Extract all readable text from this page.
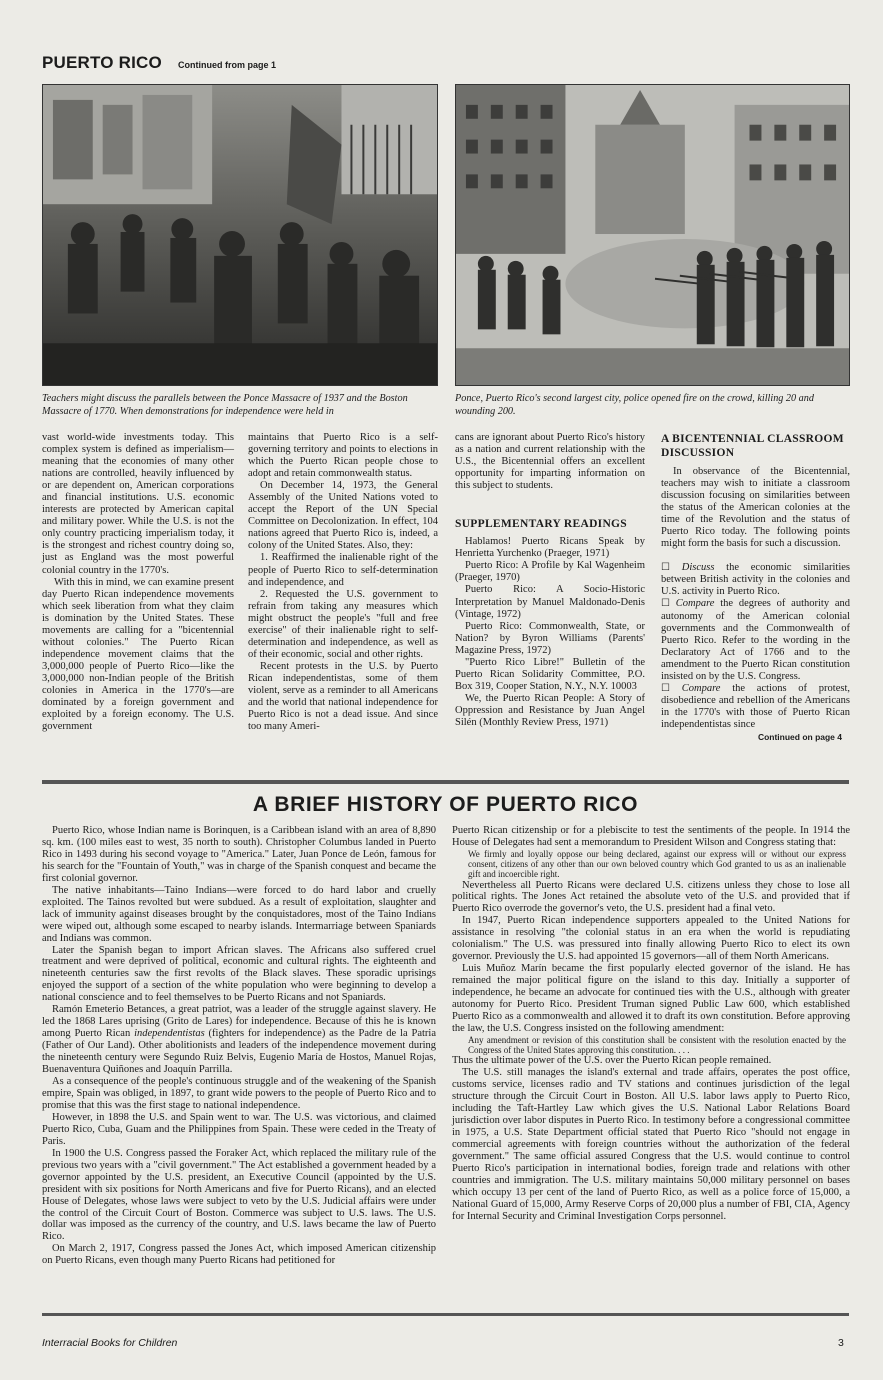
PUERTO RICO Continued from page 1
Teachers might discuss the parallels between the Ponce Massacre of 1937 and the Boston Massacre of 1770. When demonstrations for independence were held in
Ponce, Puerto Rico's second largest city, police opened fire on the crowd, killing 20 and wounding 200.

vast world-wide investments today. This complex system is defined as imperialism—meaning that the economies of many other nations are controlled, heavily influenced by or are dependent on, American corporations and financial institutions. U.S. economic interests are protected by American capital and military power. While the U.S. is not the only country practicing imperialism today, it is the strongest and richest country doing so, just as England was the most powerful colonial country in the 1770's.

With this in mind, we can examine present day Puerto Rican independence movements which seek liberation from what they claim is domination by the United States. These movements are calling for a "bicentennial without colonies." The Puerto Rican independence movement claims that the 3,000,000 people of Puerto Rico—like the 3,000,000 non-Indian people of the British colonies in America in the 1770's—are dominated by a foreign government and exploited by a foreign economy. The U.S. government

maintains that Puerto Rico is a self-governing territory and points to elections in which the Puerto Rican people chose to adopt and retain commonwealth status.

On December 14, 1973, the General Assembly of the United Nations voted to accept the Report of the UN Special Committee on Decolonization. In effect, 104 nations agreed that Puerto Rico is, indeed, a colony of the United States. Also, they:

1. Reaffirmed the inalienable right of the people of Puerto Rico to self-determination and independence, and

2. Requested the U.S. government to refrain from taking any measures which might obstruct the people's "full and free exercise" of their inalienable right to self-determination and independence, as well as of their economic, social and other rights.

Recent protests in the U.S. by Puerto Rican independentistas, some of them violent, serve as a reminder to all Americans and the world that national independence for Puerto Rico is not a dead issue. And since too many Ameri-

cans are ignorant about Puerto Rico's history as a nation and current relationship with the U.S., the Bicentennial offers an excellent opportunity for imparting information on this subject to students.

SUPPLEMENTARY READINGS

Hablamos! Puerto Ricans Speak by Henrietta Yurchenko (Praeger, 1971)

Puerto Rico: A Profile by Kal Wagenheim (Praeger, 1970)

Puerto Rico: A Socio-Historic Interpretation by Manuel Maldonado-Denis (Vintage, 1972)

Puerto Rico: Commonwealth, State, or Nation? by Byron Williams (Parents' Magazine Press, 1972)

"Puerto Rico Libre!" Bulletin of the Puerto Rican Solidarity Committee, P.O. Box 319, Cooper Station, N.Y., N.Y. 10003

We, the Puerto Rican People: A Story of Oppression and Resistance by Juan Angel Silén (Monthly Review Press, 1971)

A BICENTENNIAL CLASSROOM DISCUSSION

In observance of the Bicentennial, teachers may wish to initiate a classroom discussion focusing on similarities between the status of the American colonies at the time of the Revolution and the status of Puerto Rico today. The following points might form the basis for such a discussion.

☐ Discuss the economic similarities between British activity in the colonies and U.S. activity in Puerto Rico.

☐ Compare the degrees of authority and autonomy of the American colonial governments and the Commonwealth of Puerto Rico. Refer to the wording in the Declaratory Act of 1766 and to the amendment to the Puerto Rican constitution insisted on by the U.S. Congress.

☐ Compare the actions of protest, disobedience and rebellion of the Americans in the 1770's with those of Puerto Rican independentistas since

Continued on page 4
A BRIEF HISTORY OF PUERTO RICO

Puerto Rico, whose Indian name is Borinquen, is a Caribbean island with an area of 8,890 sq. km. (100 miles east to west, 35 north to south). Christopher Columbus landed in Puerto Rico in 1493 during his second voyage to "America." Later, Juan Ponce de León, famous for his search for the "Fountain of Youth," was in charge of the Spanish conquest and became the first colonial governor.

The native inhabitants—Taino Indians—were forced to do hard labor and cruelly exploited. The Tainos revolted but were subdued. As a result of exploitation, slaughter and lack of immunity against diseases brought by the conquistadores, most of the Taino Indians were wiped out, although some escaped to nearby islands. Intermarriage between Spaniards and Indians was common.

Later the Spanish began to import African slaves. The Africans also suffered cruel treatment and were deprived of political, economic and cultural rights. The eighteenth and nineteenth centuries saw the first revolts of the Black slaves. These sporadic uprisings enjoyed the support of a section of the white population who were beginning to develop a national conscience and to feel themselves to be Puerto Ricans and not Spaniards.

Ramón Emeterio Betances, a great patriot, was a leader of the struggle against slavery. He led the 1868 Lares uprising (Grito de Lares) for independence. Because of this he is known among Puerto Rican independentistas (fighters for independence) as the Padre de la Patria (Father of Our Land). Other abolitionists and leaders of the independence movement during the nineteenth century were Segundo Ruiz Belvis, Eugenio María de Hostos, Manuel Rojas, Buenaventura Quiñones and Joaquín Parrilla.

As a consequence of the people's continuous struggle and of the weakening of the Spanish empire, Spain was obliged, in 1897, to grant wide powers to the people of Puerto Rico and to promise that this was the first stage to national independence.

However, in 1898 the U.S. and Spain went to war. The U.S. was victorious, and claimed Puerto Rico, Cuba, Guam and the Philippines from Spain. These were ceded in the Treaty of Paris.

In 1900 the U.S. Congress passed the Foraker Act, which replaced the military rule of the previous two years with a "civil government." The Act established a government headed by a governor appointed by the U.S. president, an Executive Council (appointed by the U.S. president with six positions for North Americans and five for Puerto Ricans), and an elected House of Delegates, whose laws were subject to veto by the U.S. Judicial affairs were under the control of the Circuit Court of Boston. Commerce was subject to U.S. laws. The U.S. dollar was imposed as the currency of the country, and U.S. laws became the law of Puerto Rico.

On March 2, 1917, Congress passed the Jones Act, which imposed American citizenship on Puerto Ricans, even though many Puerto Ricans had petitioned for

Puerto Rican citizenship or for a plebiscite to test the sentiments of the people. In 1914 the House of Delegates had sent a memorandum to President Wilson and Congress stating that:

We firmly and loyally oppose our being declared, against our express will or without our express consent, citizens of any other than our own beloved country which God granted to us as an inalienable gift and incoercible right.

Nevertheless all Puerto Ricans were declared U.S. citizens unless they chose to lose all political rights. The Jones Act retained the absolute veto of the U.S. and provided that if Puerto Rico overrode the governor's veto, the U.S. president had a final veto.

In 1947, Puerto Rican independence supporters appealed to the United Nations for assistance in resolving "the colonial status in an era when the world is repudiating colonialism." The U.S. was pressured into finally allowing Puerto Rico to elect its own governor. Previously the U.S. had appointed 15 governors—all of them North Americans.

Luis Muñoz Marín became the first popularly elected governor of the island. He has remained the major political figure on the island to this day. Initially a supporter of independence, he became an advocate for continued ties with the U.S., although with greater autonomy for Puerto Rico. President Truman signed Public Law 600, which established Puerto Rico as a commonwealth and allowed it to draft its own constitution. Before approving the law, the U.S. Congress insisted on the following amendment:

Any amendment or revision of this constitution shall be consistent with the resolution enacted by the Congress of the United States approving this constitution. . . .

Thus the ultimate power of the U.S. over the Puerto Rican people remained.

The U.S. still manages the island's external and trade affairs, operates the post office, customs service, licenses radio and TV stations and continues jurisdiction of the legal structure through the Circuit Court in Boston. All U.S. labor laws apply to Puerto Rico, including the Taft-Hartley Law which gives the U.S. National Labor Relations Board jurisdiction over labor disputes in Puerto Rico. In testimony before a congressional committee in 1975, a U.S. State Department official stated that Puerto Rico "should not engage in commercial agreements with foreign countries without the authorization of the federal government." The same official assured Congress that the U.S. would continue to control Puerto Rico's participation in international bodies, foreign trade and relations with other countries and immigration. The U.S. military maintains 50,000 military personnel on bases which occupy 13 per cent of the land of Puerto Rico, as well as a police force of 15,000, a National Guard of 15,000, Army Reserve Corps of 20,000 plus a number of FBI, CIA, Agency for Internal Security and Criminal Investigation Corps personnel.

Interracial Books for Children	3
